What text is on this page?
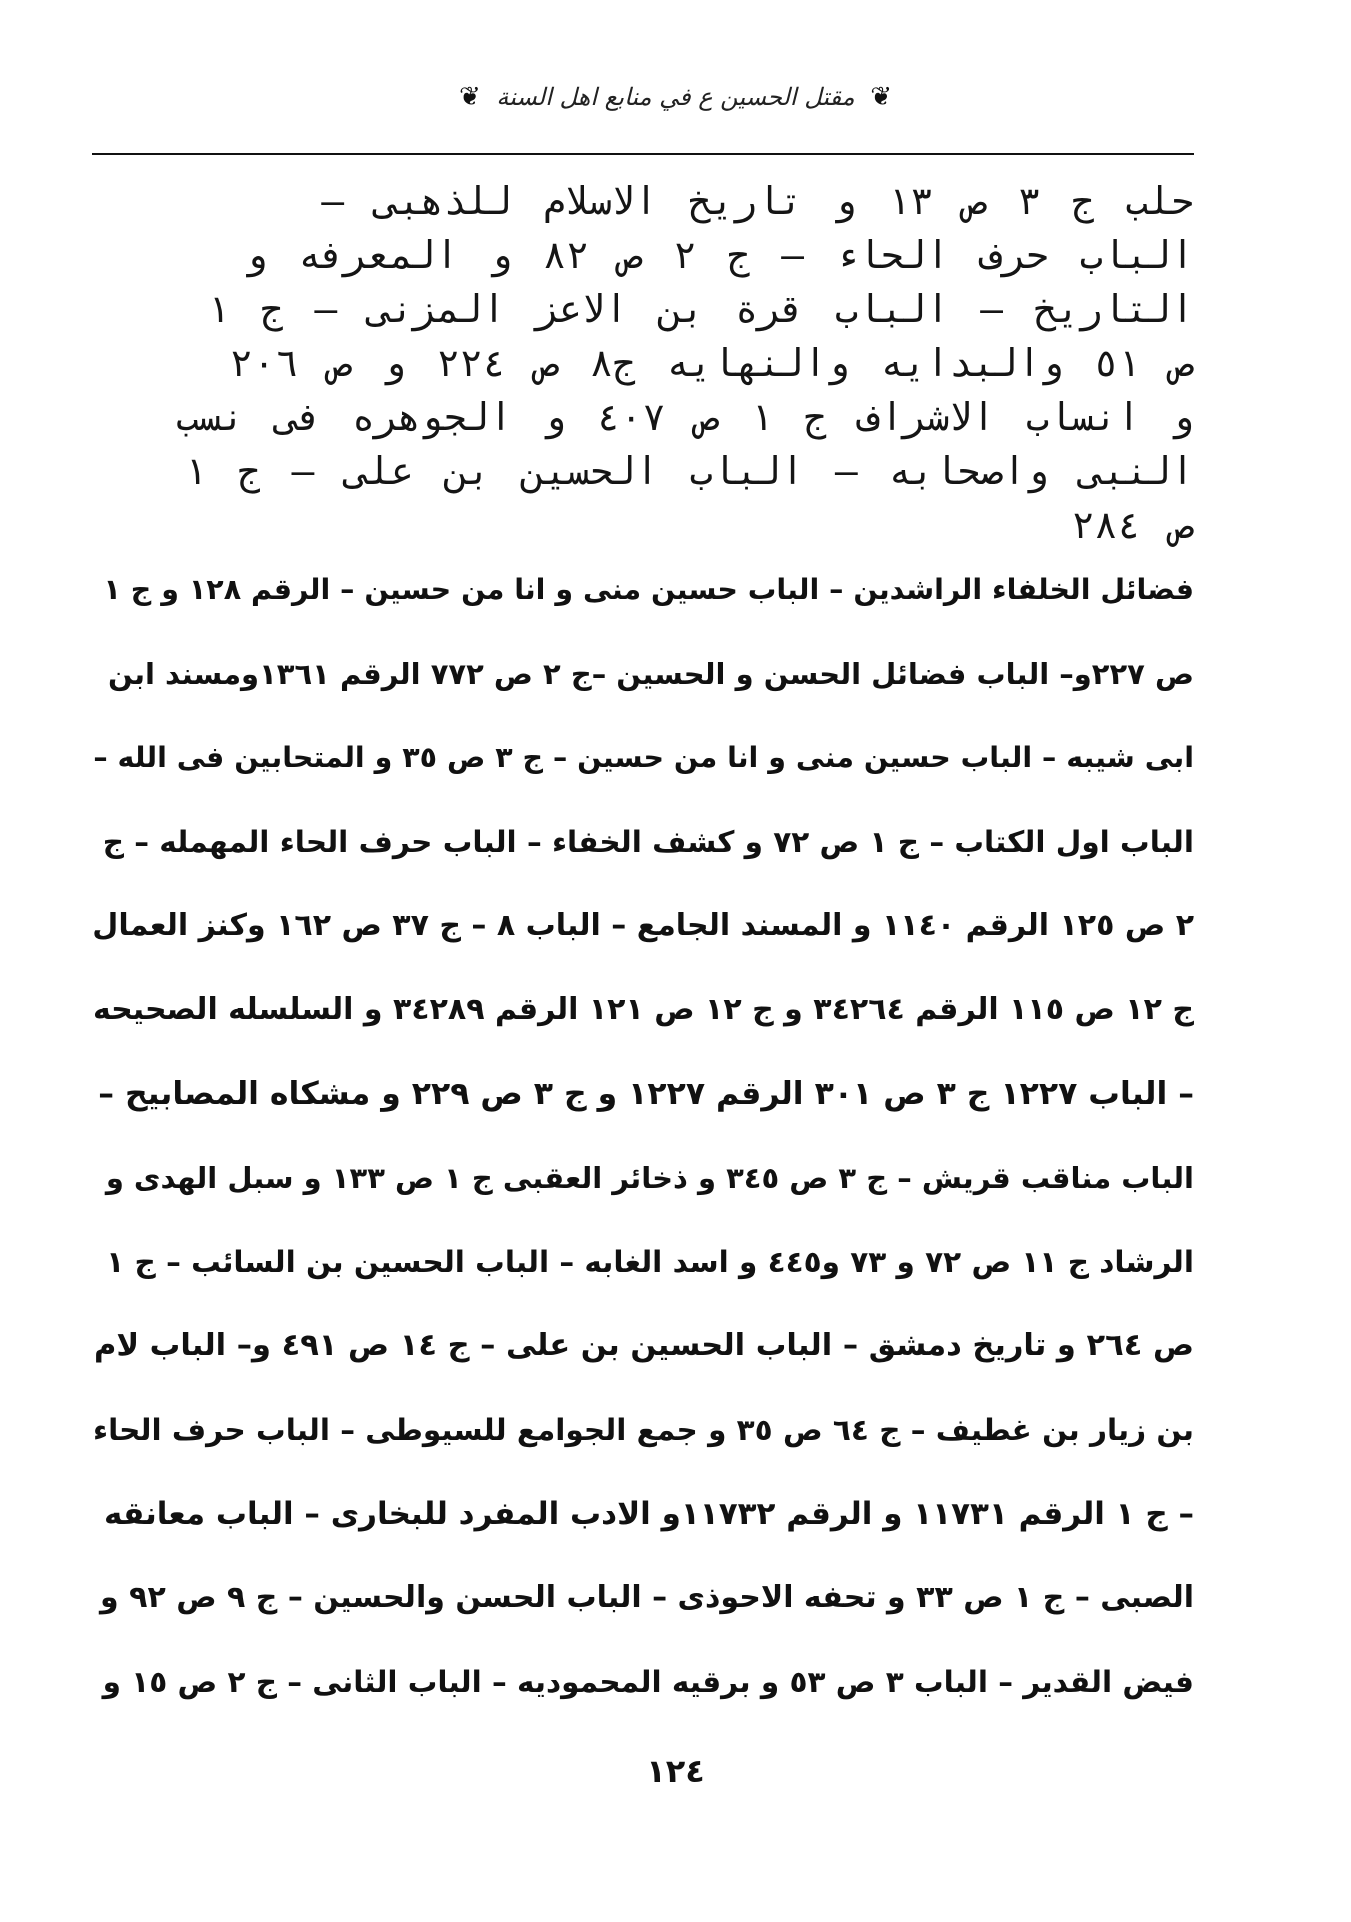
❦ مقتل الحسين ع في منابع اهل السنة ❦
حلب ج ٣ ص ١٣ و تاريخ الاسلام للذهبى –
الباب حرف الحاء – ج ٢ ص ٨٢ و المعرفه و
التاريخ – الباب قرة بن الاعز المزنى – ج ١
ص ٥١ والبدايه والنهايه ج٨ ص ٢٢٤ و ص ٢٠٦
و انساب الاشراف ج ١ ص ٤٠٧ و الجوهره فى نسب
النبى واصحابه – الباب الحسين بن على – ج ١
ص ٢٨٤
فضائل الخلفاء الراشدين – الباب حسين منى و انا من حسين – الرقم ١٢٨ و ج ١
ص ٢٢٧و– الباب فضائل الحسن و الحسين –ج ٢ ص ٧٧٢ الرقم ١٣٦١ومسند ابن
ابى شيبه – الباب حسين منى و انا من حسين – ج ٣ ص ٣٥ و المتحابين فى الله –
الباب اول الكتاب – ج ١ ص ٧٢ و كشف الخفاء – الباب حرف الحاء المهمله – ج
٢ ص ١٢٥ الرقم ١١٤٠ و المسند الجامع – الباب ٨ – ج ٣٧ ص ١٦٢ وكنز العمال
ج ١٢ ص ١١٥ الرقم ٣٤٢٦٤ و ج ١٢ ص ١٢١ الرقم ٣٤٢٨٩ و السلسله الصحيحه
– الباب ١٢٢٧ ج ٣ ص ٣٠١ الرقم ١٢٢٧ و ج ٣ ص ٢٢٩ و مشكاه المصابيح –
الباب مناقب قريش – ج ٣ ص ٣٤٥ و ذخائر العقبى ج ١ ص ١٣٣ و سبل الهدى و
الرشاد ج ١١ ص ٧٢ و ٧٣ و٤٤٥ و اسد الغابه – الباب الحسين بن السائب – ج ١
ص ٢٦٤ و تاريخ دمشق – الباب الحسين بن على – ج ١٤ ص ٤٩١ و– الباب لام
بن زيار بن غطيف – ج ٦٤ ص ٣٥ و جمع الجوامع للسيوطى – الباب حرف الحاء
– ج ١ الرقم ١١٧٣١ و الرقم ١١٧٣٢و الادب المفرد للبخارى – الباب معانقه
الصبى – ج ١ ص ٣٣ و تحفه الاحوذى – الباب الحسن والحسين – ج ٩ ص ٩٢ و
فيض القدير – الباب ٣ ص ٥٣ و برقيه المحموديه – الباب الثانى – ج ٢ ص ١٥ و
١٢٤
